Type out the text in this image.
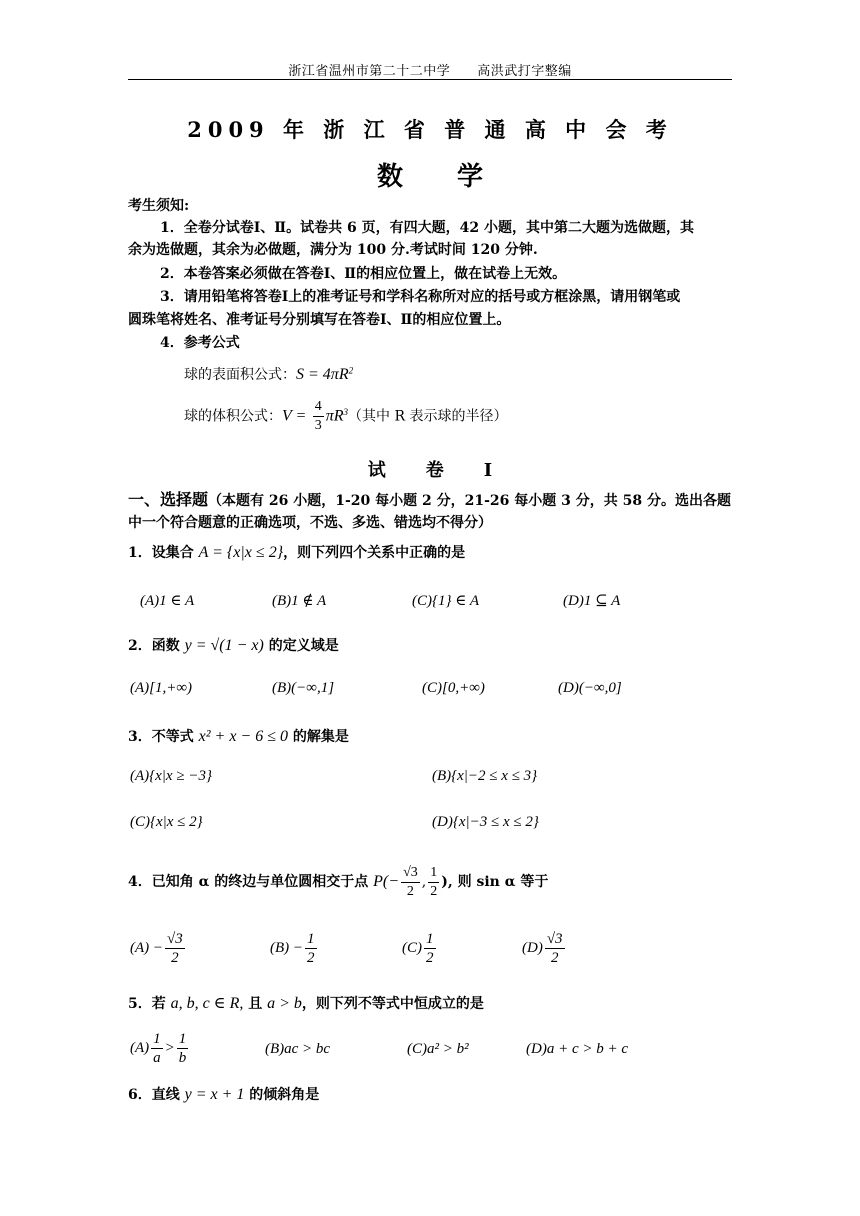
浙江省温州市第二十二中学　　高洪武打字整编
2009 年 浙 江 省 普 通 高 中 会 考
数学
考生须知:
1．全卷分试卷Ⅰ、Ⅱ。试卷共 6 页，有四大题，42 小题，其中第二大题为选做题，其
余为选做题，其余为必做题，满分为 100 分.考试时间 120 分钟.
2．本卷答案必须做在答卷Ⅰ、Ⅱ的相应位置上，做在试卷上无效。
3．请用铅笔将答卷Ⅰ上的准考证号和学科名称所对应的括号或方框涂黑，请用钢笔或
圆珠笔将姓名、准考证号分别填写在答卷Ⅰ、Ⅱ的相应位置上。
4．参考公式
球的表面积公式：$S = 4\pi R^2$
球的体积公式：$V = \frac{4}{3} \pi R^3$（其中 R 表示球的半径）
试卷Ⅰ
一、选择题（本题有 26 小题，1-20 每小题 2 分，21-26 每小题 3 分，共 58 分。选出各题
中一个符合题意的正确选项，不选、多选、错选均不得分）
1．设集合 A = {x|x ≤ 2}，则下列四个关系中正确的是
(A)1 ∈ A	(B)1 ∉ A	(C){1} ∈ A	(D)1 ⊆ A
2．函数 y = √(1 − x) 的定义域是
(A)[1,+∞)	(B)(−∞,1]	(C)[0,+∞)	(D)(−∞,0]
3．不等式 x² + x − 6 ≤ 0 的解集是
(A){x|x ≥ −3}	(B){x|−2 ≤ x ≤ 3}
(C){x|x ≤ 2}	(D){x|−3 ≤ x ≤ 2}
4．已知角 α 的终边与单位圆相交于点 $P(- \frac{√3}{2}$ , $\frac{1}{2}$ ), 则 sin α 等于
$(A) - \frac{√3}{2}$	$(B) - \frac{1}{2}$	$(C) \frac{1}{2}$	$(D) \frac{√3}{2}$
5．若 a, b, c ∈ R, 且 a > b，则下列不等式中恒成立的是
$(A) \frac{1}{a} > \frac{1}{b}$	(B)ac > bc	(C)a² > b²	(D)a + c > b + c
6．直线 y = x + 1 的倾斜角是
